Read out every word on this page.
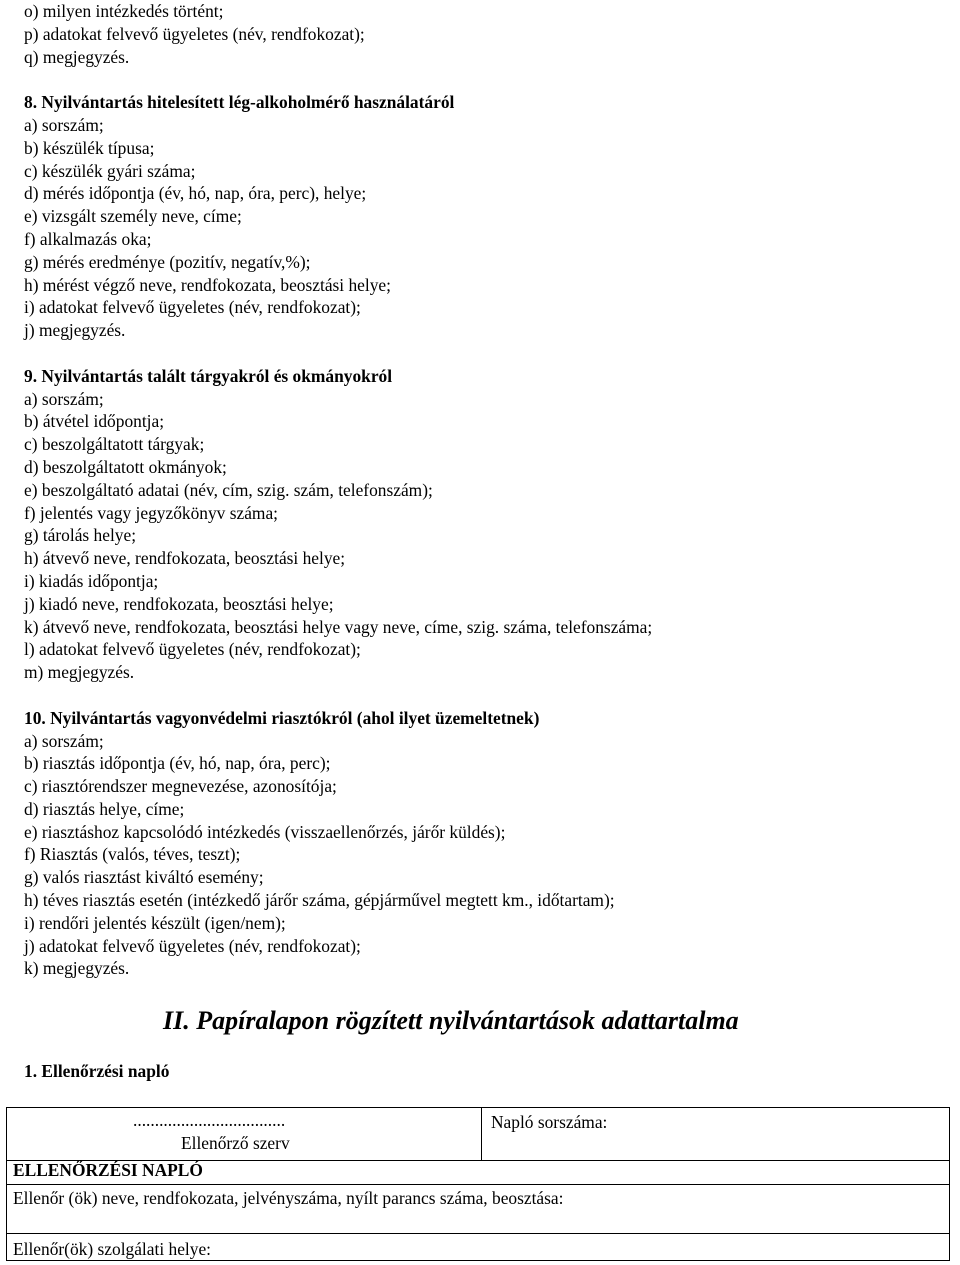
o) milyen intézkedés történt;
p) adatokat felvevő ügyeletes (név, rendfokozat);
q) megjegyzés.
8. Nyilvántartás hitelesített lég-alkoholmérő használatáról
a) sorszám;
b) készülék típusa;
c) készülék gyári száma;
d) mérés időpontja (év, hó, nap, óra, perc), helye;
e) vizsgált személy neve, címe;
f) alkalmazás oka;
g) mérés eredménye (pozitív, negatív,%);
h) mérést végző neve, rendfokozata, beosztási helye;
i) adatokat felvevő ügyeletes (név, rendfokozat);
j) megjegyzés.
9. Nyilvántartás talált tárgyakról és okmányokról
a) sorszám;
b) átvétel időpontja;
c) beszolgáltatott tárgyak;
d) beszolgáltatott okmányok;
e) beszolgáltató adatai (név, cím, szig. szám, telefonszám);
f) jelentés vagy jegyzőkönyv száma;
g) tárolás helye;
h) átvevő neve, rendfokozata, beosztási helye;
i) kiadás időpontja;
j) kiadó neve, rendfokozata, beosztási helye;
k) átvevő neve, rendfokozata, beosztási helye vagy neve, címe, szig. száma, telefonszáma;
l) adatokat felvevő ügyeletes (név, rendfokozat);
m) megjegyzés.
10. Nyilvántartás vagyonvédelmi riasztókról (ahol ilyet üzemeltetnek)
a) sorszám;
b) riasztás időpontja (év, hó, nap, óra, perc);
c) riasztórendszer megnevezése, azonosítója;
d) riasztás helye, címe;
e) riasztáshoz kapcsolódó intézkedés (visszaellenőrzés, járőr küldés);
f) Riasztás (valós, téves, teszt);
g) valós riasztást kiváltó esemény;
h) téves riasztás esetén (intézkedő járőr száma, gépjárművel megtett km., időtartam);
i) rendőri jelentés készült (igen/nem);
j) adatokat felvevő ügyeletes (név, rendfokozat);
k) megjegyzés.
II. Papíralapon rögzített nyilvántartások adattartalma
1. Ellenőrzési napló
...................................
Ellenőrző szerv
Napló sorszáma:
ELLENŐRZÉSI NAPLÓ
Ellenőr (ök) neve, rendfokozata, jelvényszáma, nyílt parancs száma, beosztása:
Ellenőr(ök) szolgálati helye:
